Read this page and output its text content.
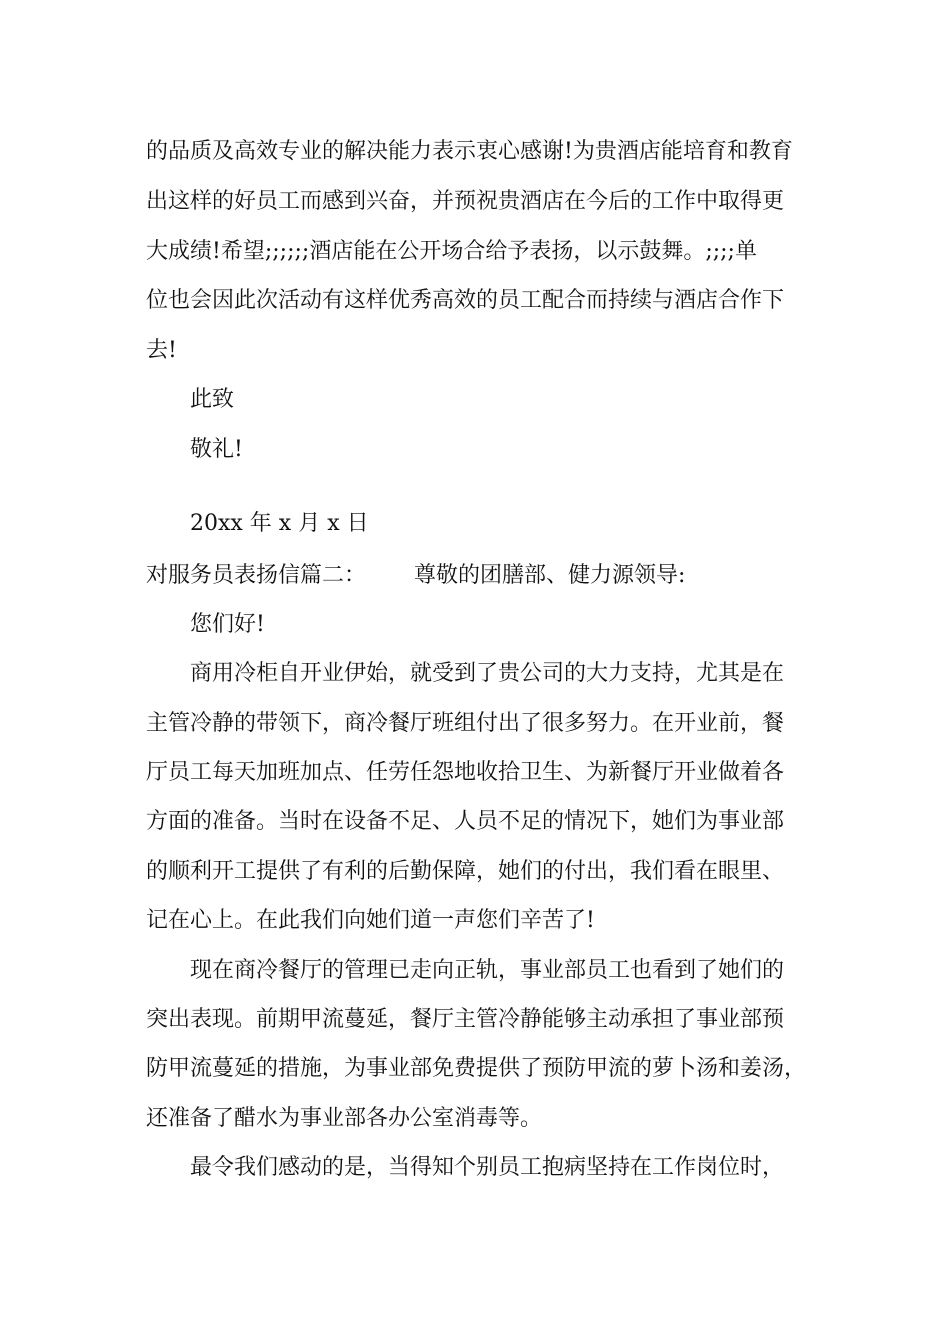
的品质及高效专业的解决能力表示衷心感谢!为贵酒店能培育和教育
出这样的好员工而感到兴奋，并预祝贵酒店在今后的工作中取得更
大成绩!希望;;;;;;酒店能在公开场合给予表扬，以示鼓舞。;;;;单
位也会因此次活动有这样优秀高效的员工配合而持续与酒店合作下
去!
此致
敬礼!
20xx 年 x 月 x 日
对服务员表扬信篇二： 尊敬的团膳部、健力源领导:
您们好!
商用冷柜自开业伊始，就受到了贵公司的大力支持，尤其是在
主管冷静的带领下，商冷餐厅班组付出了很多努力。在开业前，餐
厅员工每天加班加点、任劳任怨地收拾卫生、为新餐厅开业做着各
方面的准备。当时在设备不足、人员不足的情况下，她们为事业部
的顺利开工提供了有利的后勤保障，她们的付出，我们看在眼里、
记在心上。在此我们向她们道一声您们辛苦了!
现在商冷餐厅的管理已走向正轨，事业部员工也看到了她们的
突出表现。前期甲流蔓延，餐厅主管冷静能够主动承担了事业部预
防甲流蔓延的措施，为事业部免费提供了预防甲流的萝卜汤和姜汤，
还准备了醋水为事业部各办公室消毒等。
最令我们感动的是，当得知个别员工抱病坚持在工作岗位时，
